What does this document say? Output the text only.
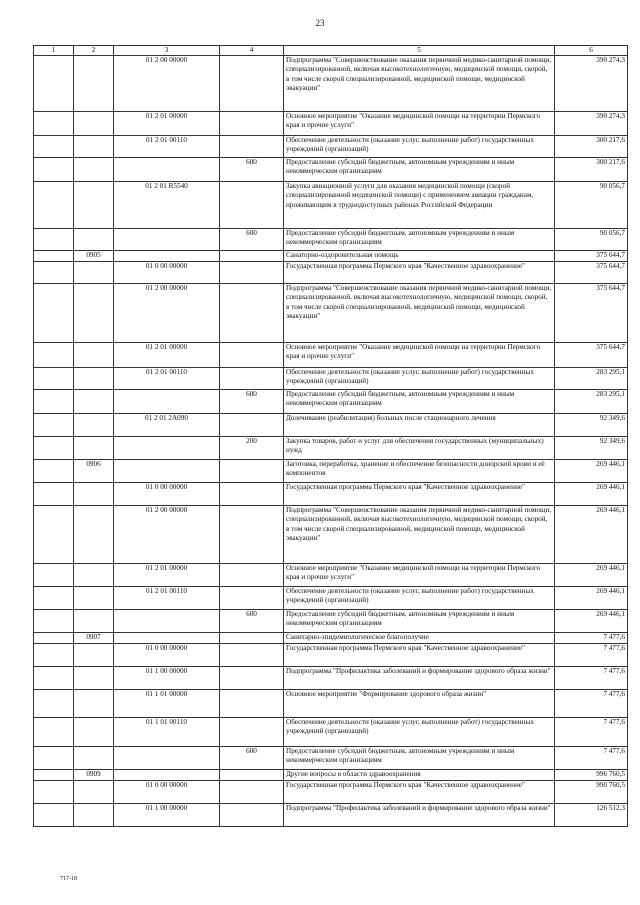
23
1	2	3	4	5	6
		01 2 00 00000		Подпрограмма "Совершенствование оказания первичной медико-санитарной помощи, специализированной, включая высокотехнологичную, медицинской помощи, скорой, в том числе скорой специализированной, медицинской помощи, медицинской эвакуации"	390 274,3
		01 2 01 00000		Основное мероприятие "Оказание медицинской помощи на территории Пермского края и прочие услуги"	390 274,3
		01 2 01 00110		Обеспечение деятельности (оказание услуг, выполнение работ) государственных учреждений (организаций)	300 217,6
			600	Предоставление субсидий бюджетным, автономным учреждениям и иным некоммерческим организациям	300 217,6
		01 2 01 R5540		Закупка авиационной услуги для оказания медицинской помощи (скорой специализированной медицинской помощи) с применением авиации гражданам, проживающим в труднодоступных районах Российской Федерации	90 056,7
			600	Предоставление субсидий бюджетным, автономным учреждениям и иным некоммерческим организациям	90 056,7
	0905			Санаторно-оздоровительная помощь	375 644,7
		01 0 00 00000		Государственная программа Пермского края "Качественное здравоохранение"	375 644,7
		01 2 00 00000		Подпрограмма "Совершенствование оказания первичной медико-санитарной помощи, специализированной, включая высокотехнологичную, медицинской помощи, скорой, в том числе скорой специализированной, медицинской помощи, медицинской эвакуации"	375 644,7
		01 2 01 00000		Основное мероприятие "Оказание медицинской помощи на территории Пермского края и прочие услуги"	375 644,7
		01 2 01 00110		Обеспечение деятельности (оказание услуг, выполнение работ) государственных учреждений (организаций)	283 295,1
			600	Предоставление субсидий бюджетным, автономным учреждениям и иным некоммерческим организациям	283 295,1
		01 2 01 2А090		Долечивание (реабилитация) больных после стационарного лечения	92 349,6
			200	Закупка товаров, работ и услуг для обеспечения государственных (муниципальных) нужд	92 349,6
	0906			Заготовка, переработка, хранение и обеспечение безопасности донорской крови и её компонентов	269 446,1
		01 0 00 00000		Государственная программа Пермского края "Качественное здравоохранение"	269 446,1
		01 2 00 00000		Подпрограмма "Совершенствование оказания первичной медико-санитарной помощи, специализированной, включая высокотехнологичную, медицинской помощи, скорой, в том числе скорой специализированной, медицинской помощи, медицинской эвакуации"	269 446,1
		01 2 01 00000		Основное мероприятие "Оказание медицинской помощи на территории Пермского края и прочие услуги"	269 446,1
		01 2 01 00110		Обеспечение деятельности (оказание услуг, выполнение работ) государственных учреждений (организаций)	269 446,1
			600	Предоставление субсидий бюджетным, автономным учреждениям и иным некоммерческим организациям	269 446,1
	0907			Санитарно-эпидемиологическое благополучие	7 477,6
		01 0 00 00000		Государственная программа Пермского края "Качественное здравоохранение"	7 477,6
		01 1 00 00000		Подпрограмма "Профилактика заболеваний и формирование здорового образа жизни"	7 477,6
		01 1 01 00000		Основное мероприятие "Формирование здорового образа жизни"	7 477,6
		01 1 01 00110		Обеспечение деятельности (оказание услуг, выполнение работ) государственных учреждений (организаций)	7 477,6
			600	Предоставление субсидий бюджетным, автономным учреждениям и иным некоммерческим организациям	7 477,6
	0909			Другие вопросы в области здравоохранения	996 760,5
		01 0 00 00000		Государственная программа Пермского края "Качественное здравоохранение"	990 760,5
		01 1 00 00000		Подпрограмма "Профилактика заболеваний и формирование здорового образа жизни"	126 512,3
717-18
